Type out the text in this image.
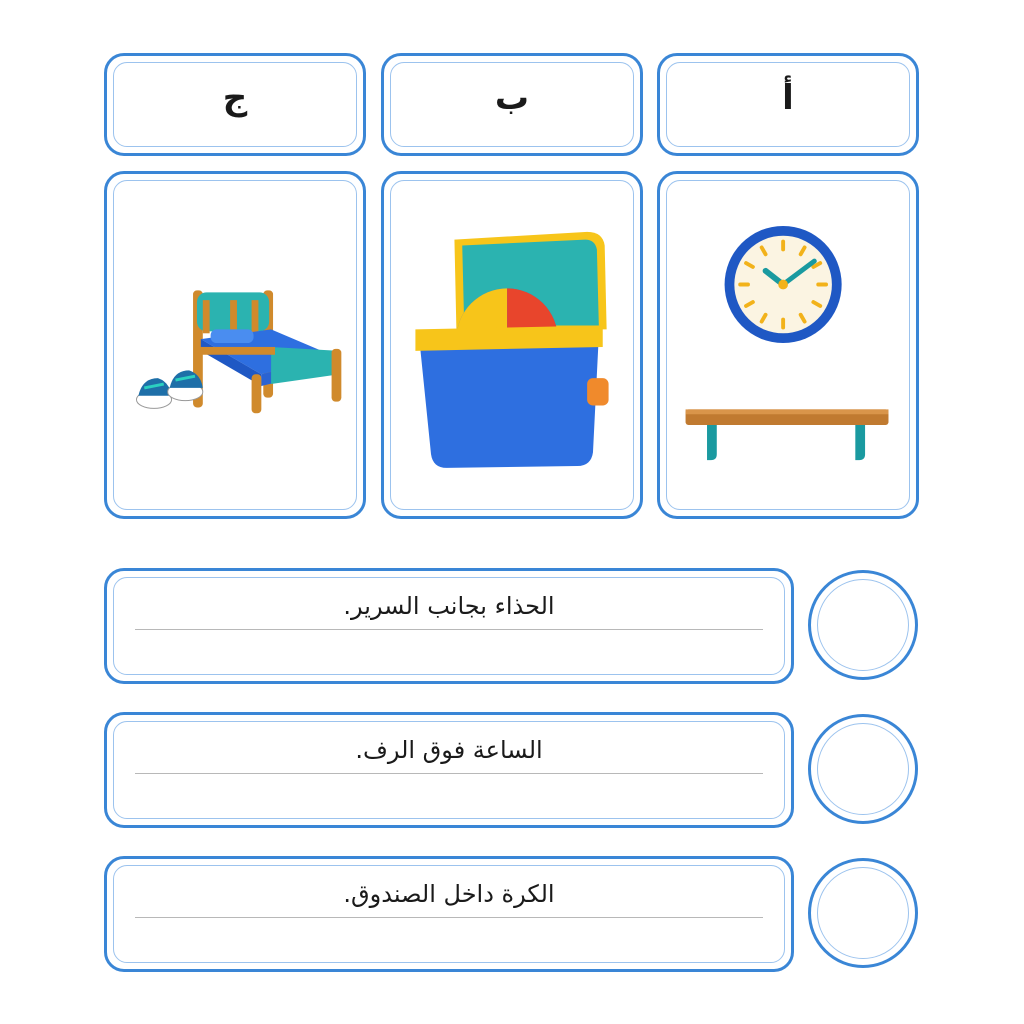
ج	ب	أ
الحذاء بجانب السرير.
الساعة فوق الرف.
الكرة داخل الصندوق.
